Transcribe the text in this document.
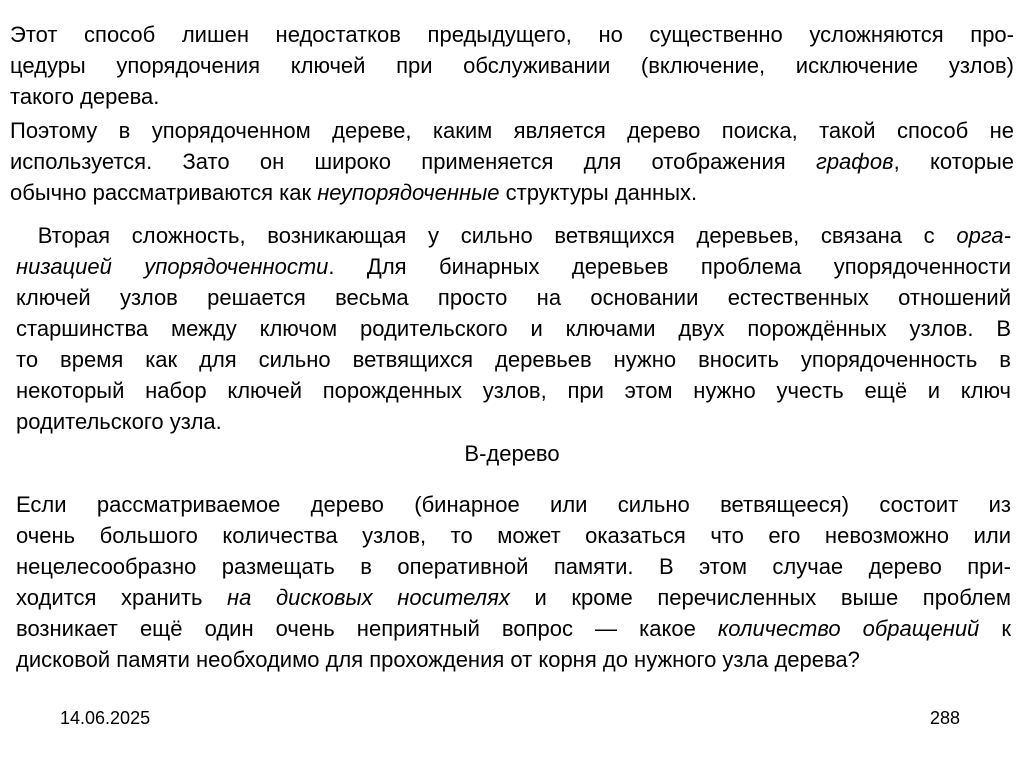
Этот способ лишен недостатков предыдущего, но существенно усложняются про-
цедуры упорядочения ключей при обслуживании (включение, исключение узлов)
такого дерева.
Поэтому в упорядоченном дереве, каким является дерево поиска, такой способ не
используется. Зато он широко применяется для отображения графов, которые
обычно рассматриваются как неупорядоченные структуры данных.
Вторая сложность, возникающая у сильно ветвящихся деревьев, связана с орга-
низацией упорядоченности. Для бинарных деревьев проблема упорядоченности
ключей узлов решается весьма просто на основании естественных отношений
старшинства между ключом родительского и ключами двух порождённых узлов. В
то время как для сильно ветвящихся деревьев нужно вносить упорядоченность в
некоторый набор ключей порожденных узлов, при этом нужно учесть ещё и ключ
родительского узла.
B-дерево
Если рассматриваемое дерево (бинарное или сильно ветвящееся) состоит из
очень большого количества узлов, то может оказаться что его невозможно или
нецелесообразно размещать в оперативной памяти. В этом случае дерево при-
ходится хранить на дисковых носителях и кроме перечисленных выше проблем
возникает ещё один очень неприятный вопрос — какое количество обращений к
дисковой памяти необходимо для прохождения от корня до нужного узла дерева?
14.06.2025	288
